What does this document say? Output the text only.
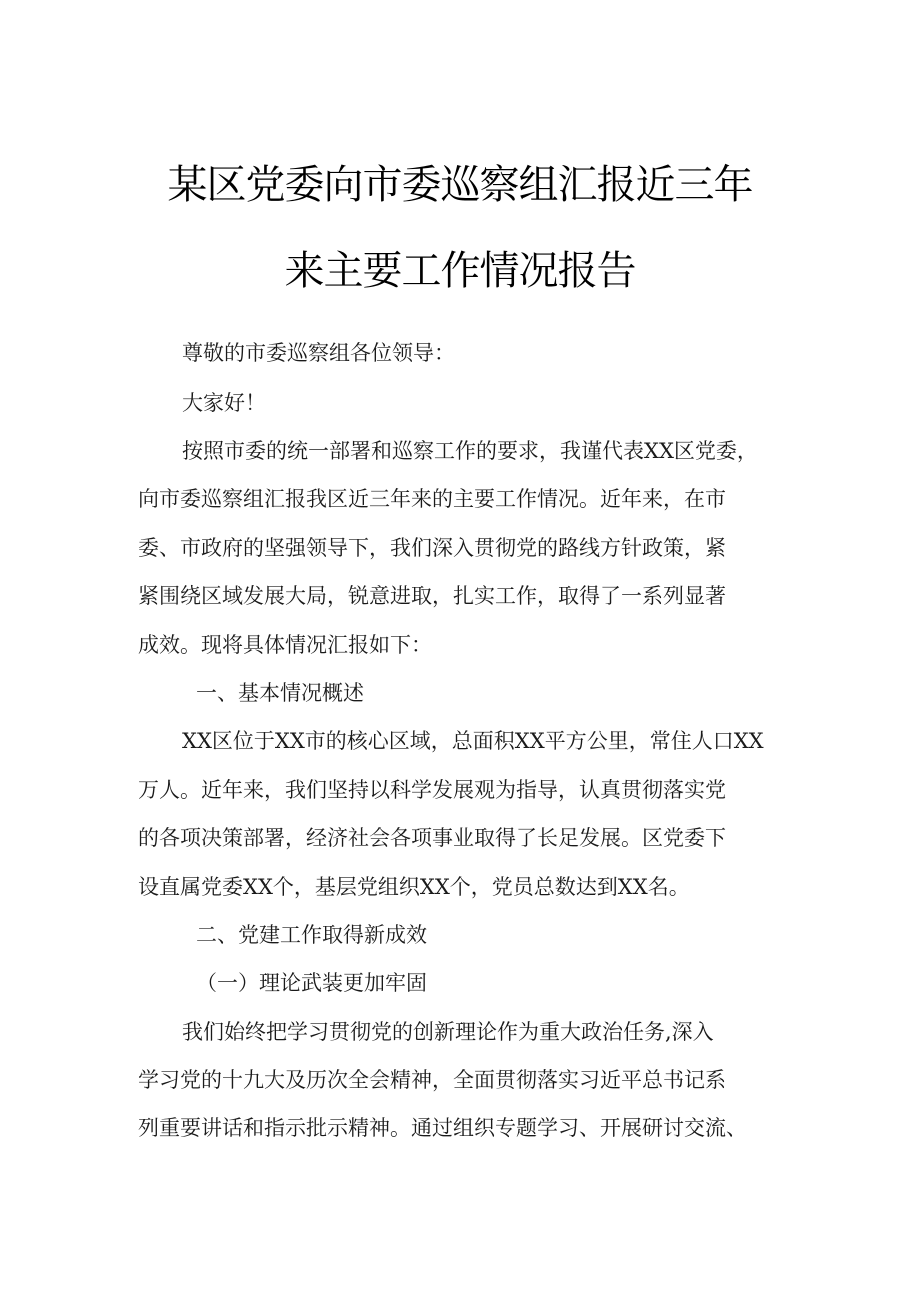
某区党委向市委巡察组汇报近三年
来主要工作情况报告
尊敬的市委巡察组各位领导：
大家好！
按照市委的统一部署和巡察工作的要求，我谨代表XX区党委，
向市委巡察组汇报我区近三年来的主要工作情况。近年来，在市
委、市政府的坚强领导下，我们深入贯彻党的路线方针政策，紧
紧围绕区域发展大局，锐意进取，扎实工作，取得了一系列显著
成效。现将具体情况汇报如下：
一、基本情况概述
XX区位于XX市的核心区域，总面积XX平方公里，常住人口XX
万人。近年来，我们坚持以科学发展观为指导，认真贯彻落实党
的各项决策部署，经济社会各项事业取得了长足发展。区党委下
设直属党委XX个，基层党组织XX个，党员总数达到XX名。
二、党建工作取得新成效
（一）理论武装更加牢固
我们始终把学习贯彻党的创新理论作为重大政治任务,深入
学习党的十九大及历次全会精神，全面贯彻落实习近平总书记系
列重要讲话和指示批示精神。通过组织专题学习、开展研讨交流、
